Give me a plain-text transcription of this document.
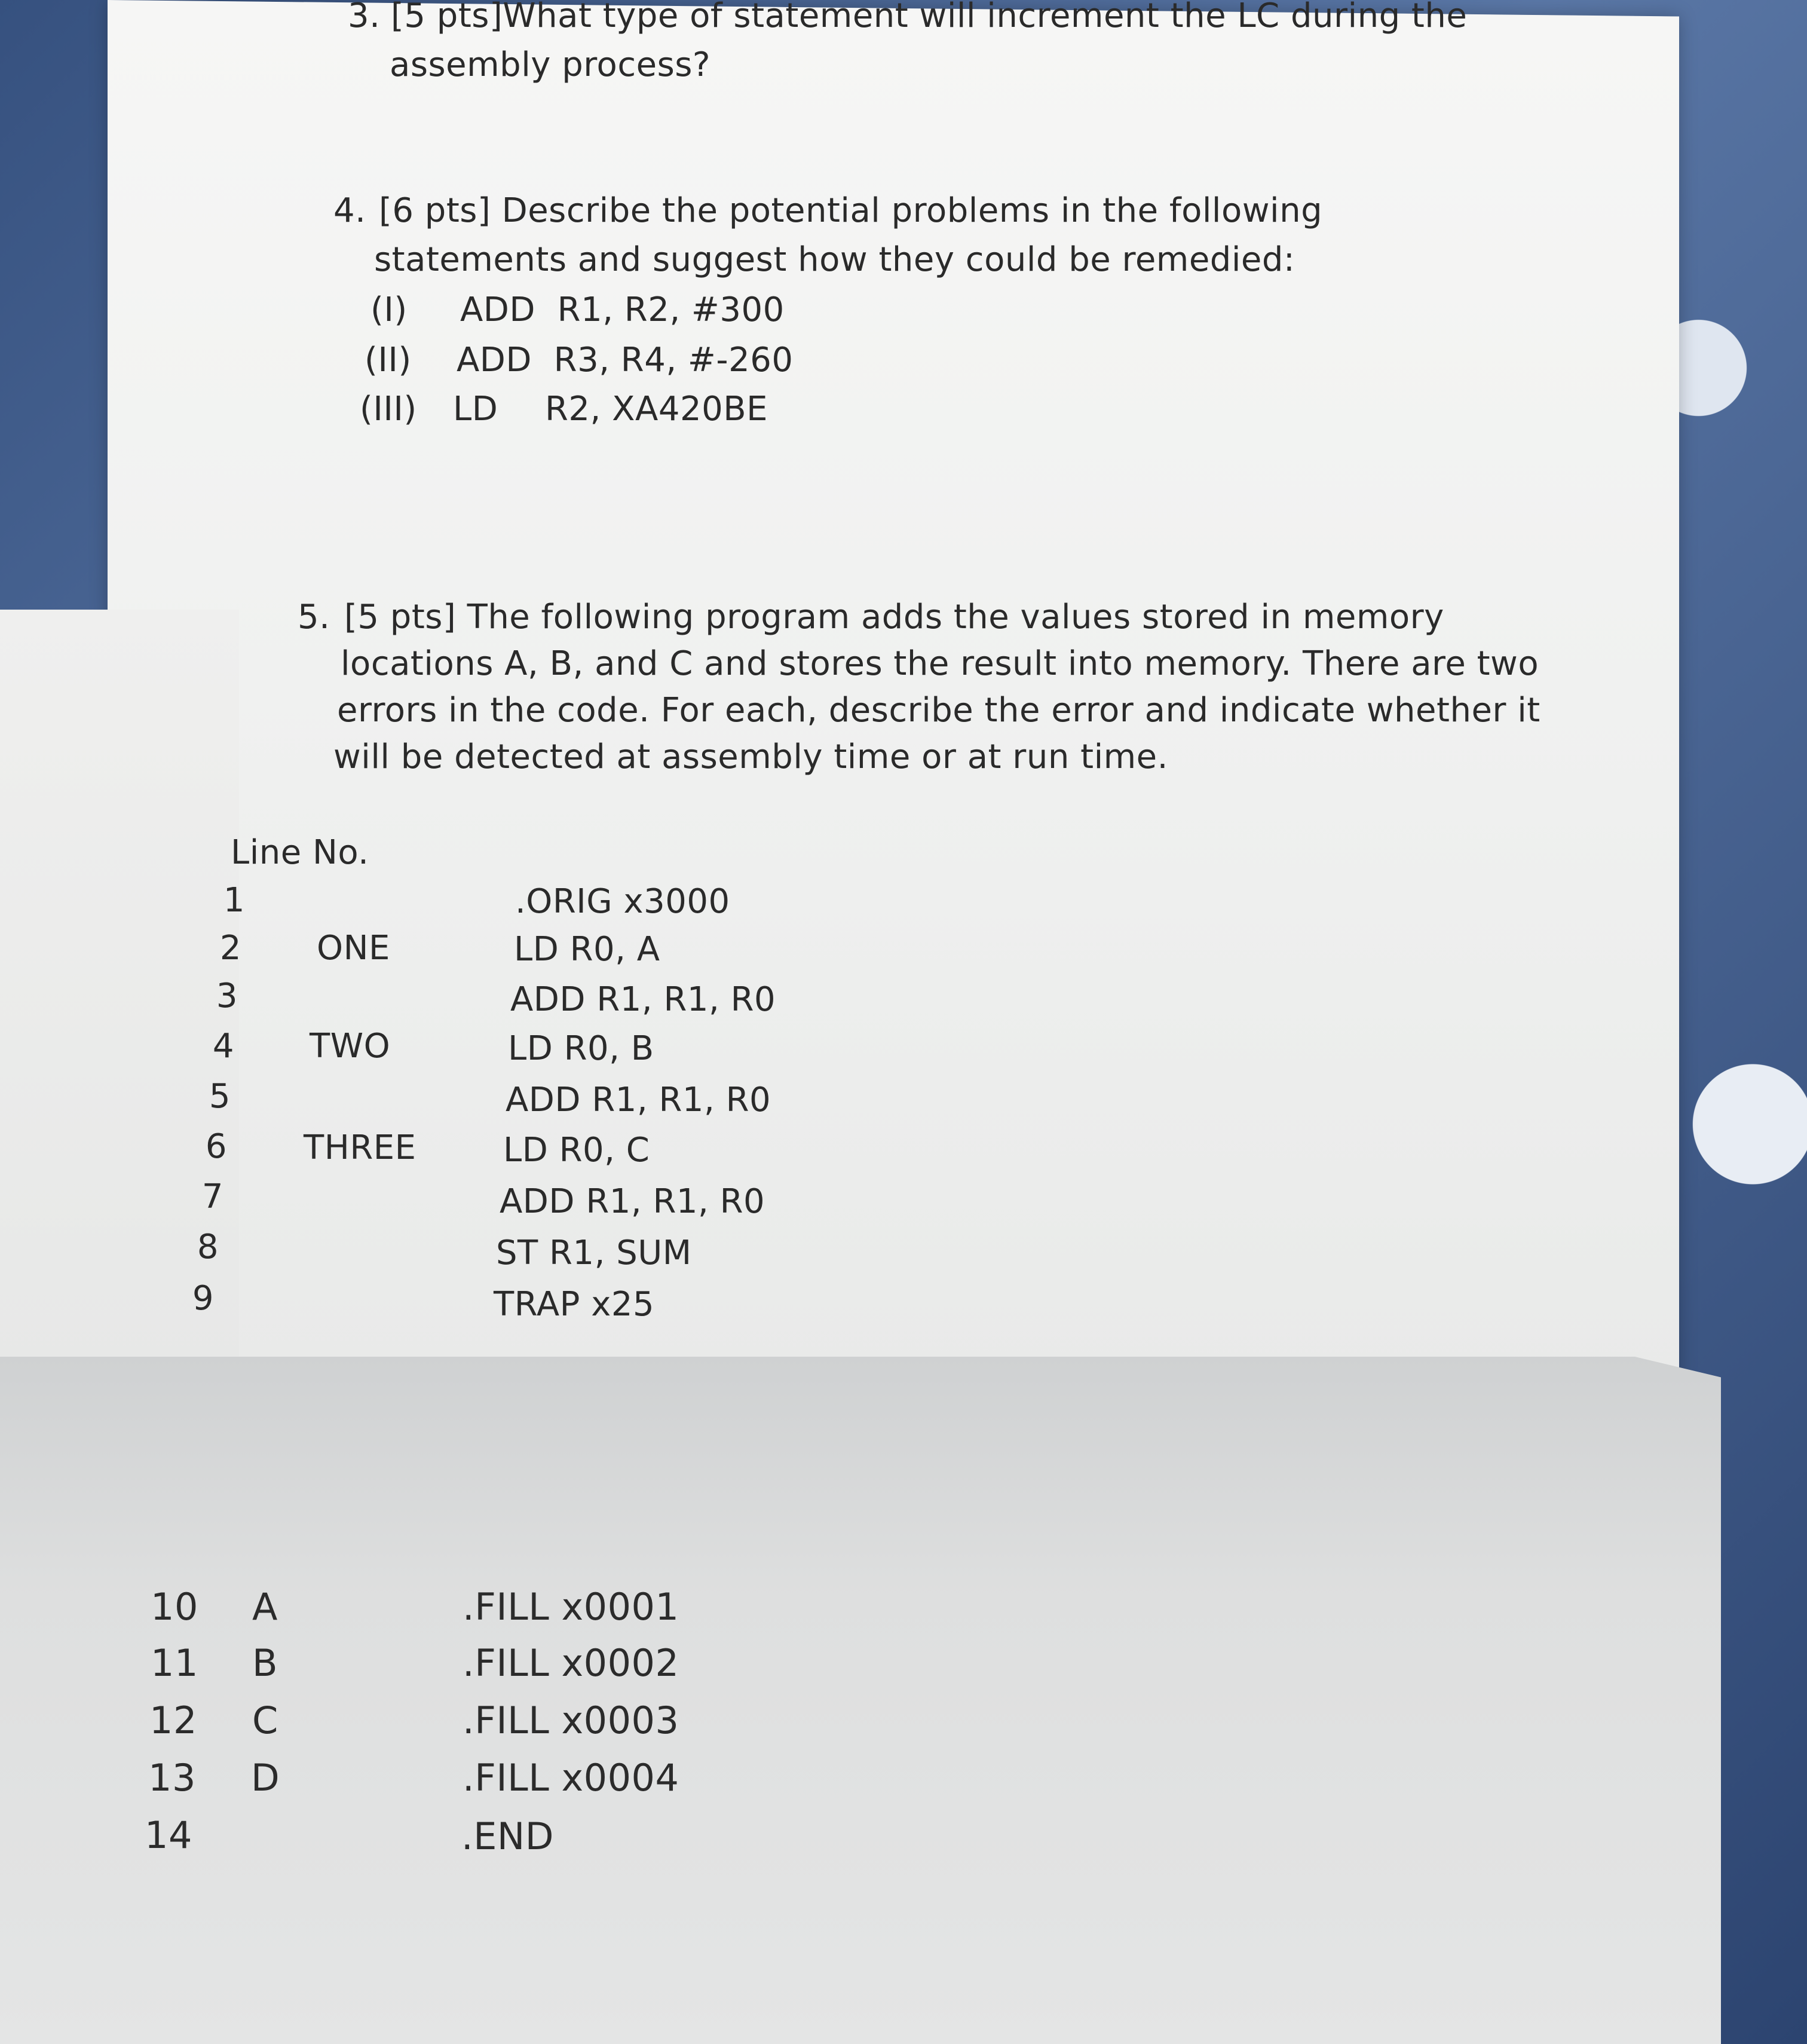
3. [5 pts]What type of statement will increment the LC during the
assembly process?
4. [6 pts] Describe the potential problems in the following
statements and suggest how they could be remedied:
(I) ADD  R1, R2, #300
(II) ADD  R3, R4, #-260
(III) LD R2, XA420BE
5. [5 pts] The following program adds the values stored in memory
locations A, B, and C and stores the result into memory. There are two
errors in the code. For each, describe the error and indicate whether it
will be detected at assembly time or at run time.
Line No.
1	.ORIG x3000
2 ONE	LD R0, A
3	ADD R1, R1, R0
4 TWO	LD R0, B
5	ADD R1, R1, R0
6 THREE	LD R0, C
7	ADD R1, R1, R0
8	ST R1, SUM
9	TRAP x25
10 A	.FILL x0001
11 B	.FILL x0002
12 C	.FILL x0003
13 D	.FILL x0004
14	.END
